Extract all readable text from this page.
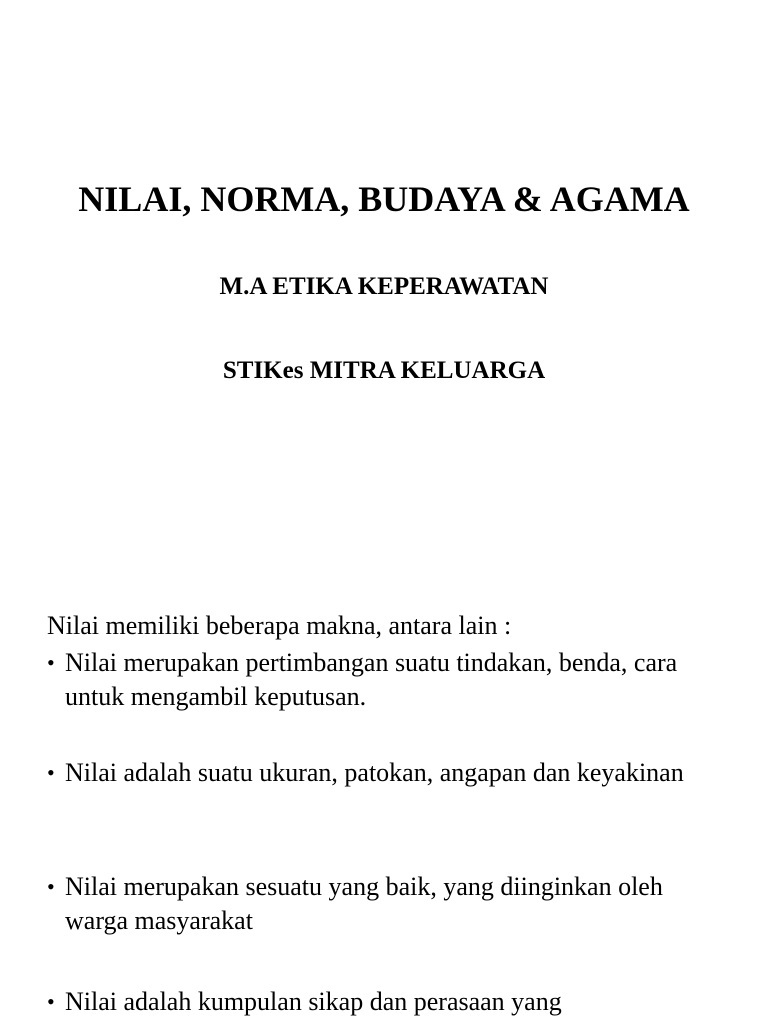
NILAI, NORMA, BUDAYA & AGAMA

M.A ETIKA KEPERAWATAN

STIKes MITRA KELUARGA

Nilai memiliki beberapa makna, antara lain :

• Nilai merupakan pertimbangan suatu tindakan, benda, cara untuk mengambil keputusan.
• Nilai adalah suatu ukuran, patokan, angapan dan keyakinan
• Nilai merupakan sesuatu yang baik, yang diinginkan oleh warga masyarakat
• Nilai adalah kumpulan sikap dan perasaan yang
